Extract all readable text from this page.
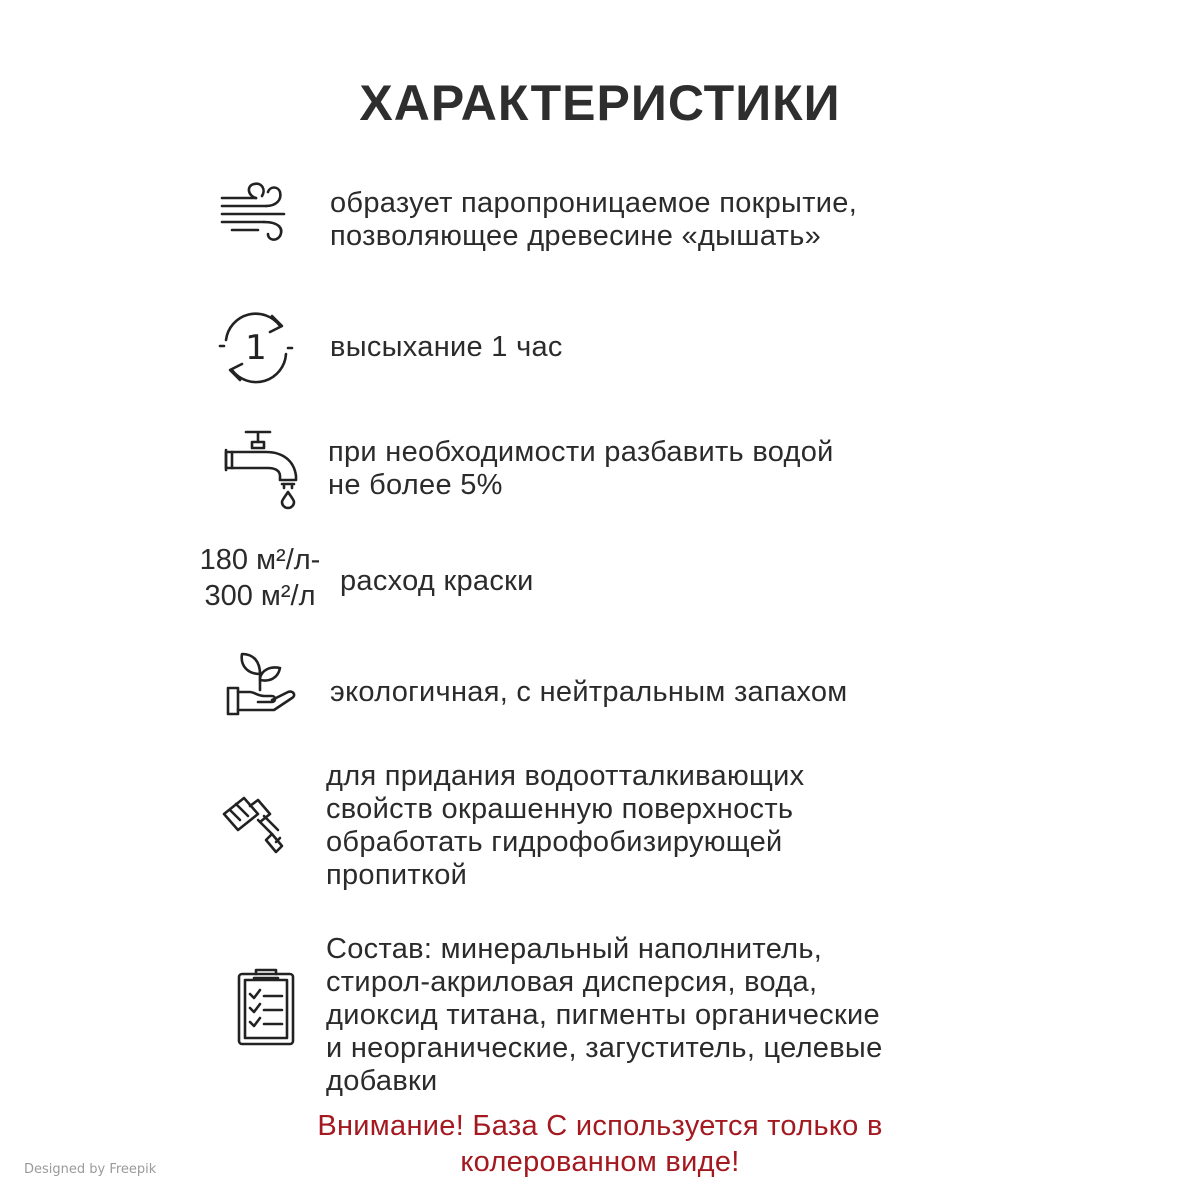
ХАРАКТЕРИСТИКИ
образует паропроницаемое покрытие,
позволяющее древесине «дышать»
1	высыхание 1 час
при необходимости разбавить водой
не более 5%
180 м²/л-
300 м²/л расход краски
экологичная, с нейтральным запахом
для придания водоотталкивающих
свойств окрашенную поверхность
обработать гидрофобизирующей
пропиткой
Состав: минеральный наполнитель,
стирол-акриловая дисперсия, вода,
диоксид титана, пигменты органические
и неорганические, загуститель, целевые
добавки
Внимание! База С используется только в
колерованном виде!
Designed by Freepik
